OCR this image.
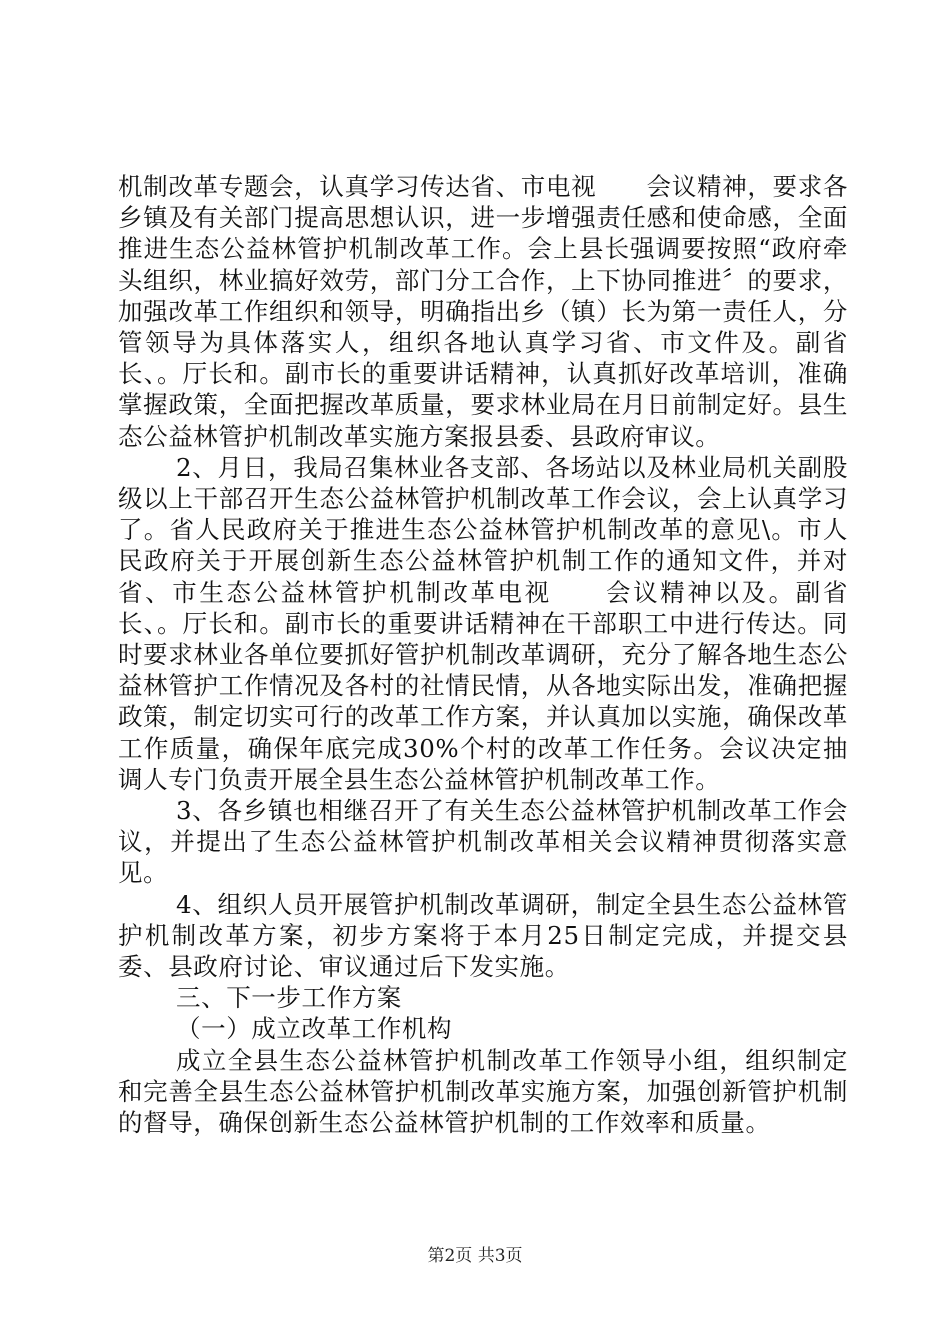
机制改革专题会，认真学习传达省、市电视　　会议精神，要求各乡镇及有关部门提高思想认识，进一步增强责任感和使命感，全面推进生态公益林管护机制改革工作。会上县长强调要按照“政府牵头组织，林业搞好效劳，部门分工合作，上下协同推进〞的要求，加强改革工作组织和领导，明确指出乡（镇）长为第一责任人，分管领导为具体落实人，组织各地认真学习省、市文件及。副省长、。厅长和。副市长的重要讲话精神，认真抓好改革培训，准确掌握政策，全面把握改革质量，要求林业局在月日前制定好。县生态公益林管护机制改革实施方案报县委、县政府审议。

2、月日，我局召集林业各支部、各场站以及林业局机关副股级以上干部召开生态公益林管护机制改革工作会议，会上认真学习了。省人民政府关于推进生态公益林管护机制改革的意见\。市人民政府关于开展创新生态公益林管护机制工作的通知文件，并对省、市生态公益林管护机制改革电视　　会议精神以及。副省长、。厅长和。副市长的重要讲话精神在干部职工中进行传达。同时要求林业各单位要抓好管护机制改革调研，充分了解各地生态公益林管护工作情况及各村的社情民情，从各地实际出发，准确把握政策，制定切实可行的改革工作方案，并认真加以实施，确保改革工作质量，确保年底完成30%个村的改革工作任务。会议决定抽调人专门负责开展全县生态公益林管护机制改革工作。

3、各乡镇也相继召开了有关生态公益林管护机制改革工作会议，并提出了生态公益林管护机制改革相关会议精神贯彻落实意见。

4、组织人员开展管护机制改革调研，制定全县生态公益林管护机制改革方案，初步方案将于本月25日制定完成，并提交县委、县政府讨论、审议通过后下发实施。

三、下一步工作方案

（一）成立改革工作机构

成立全县生态公益林管护机制改革工作领导小组，组织制定和完善全县生态公益林管护机制改革实施方案，加强创新管护机制的督导，确保创新生态公益林管护机制的工作效率和质量。

第2页 共3页
